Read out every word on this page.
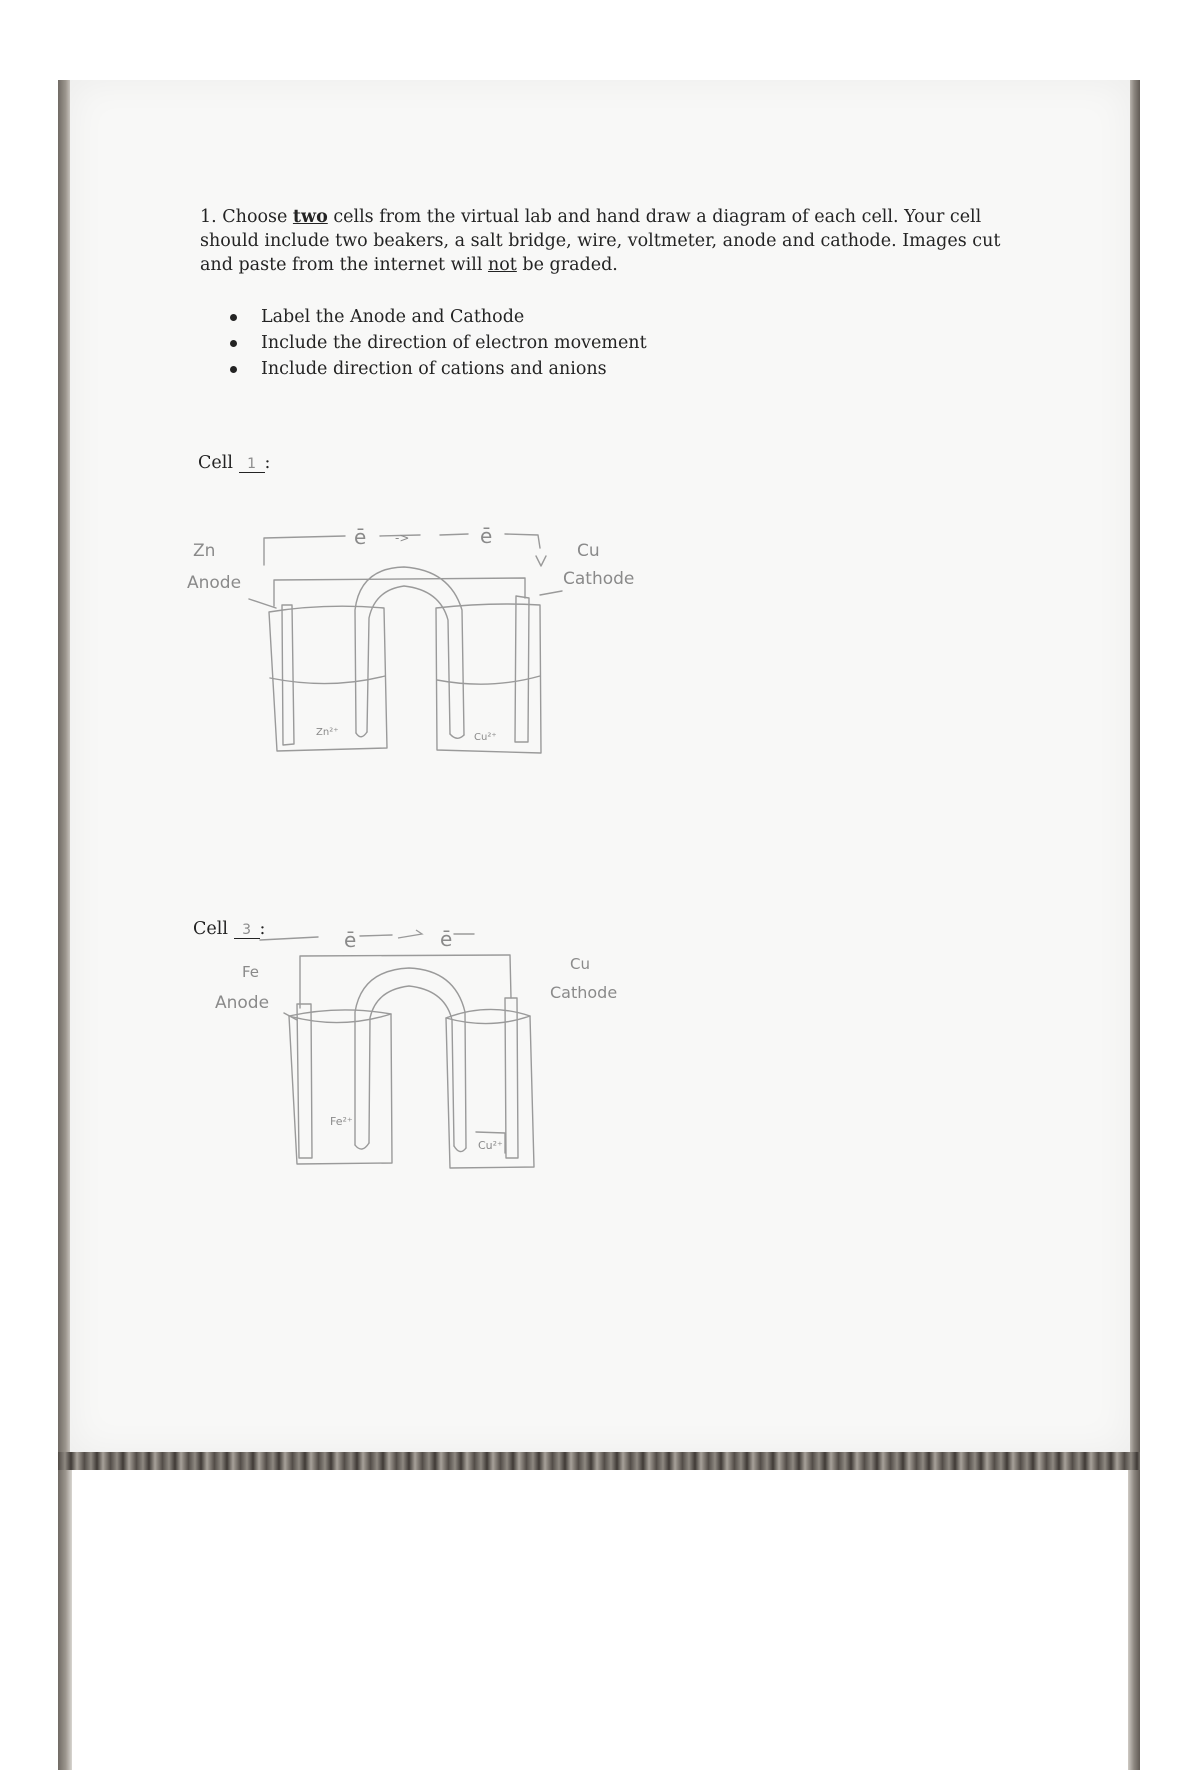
1. Choose two cells from the virtual lab and hand draw a diagram of each cell. Your cell should include two beakers, a salt bridge, wire, voltmeter, anode and cathode. Images cut and paste from the internet will not be graded.
Label the Anode and Cathode
Include the direction of electron movement
Include direction of cations and anions
Cell 1 :
Cell 3 :
Zn
Anode
ē ->	ē
Cu
Cathode
Zn²⁺	Cu²⁺
ē	ē
Fe
Anode
Cu
Cathode
Fe²⁺
Cu²⁺
